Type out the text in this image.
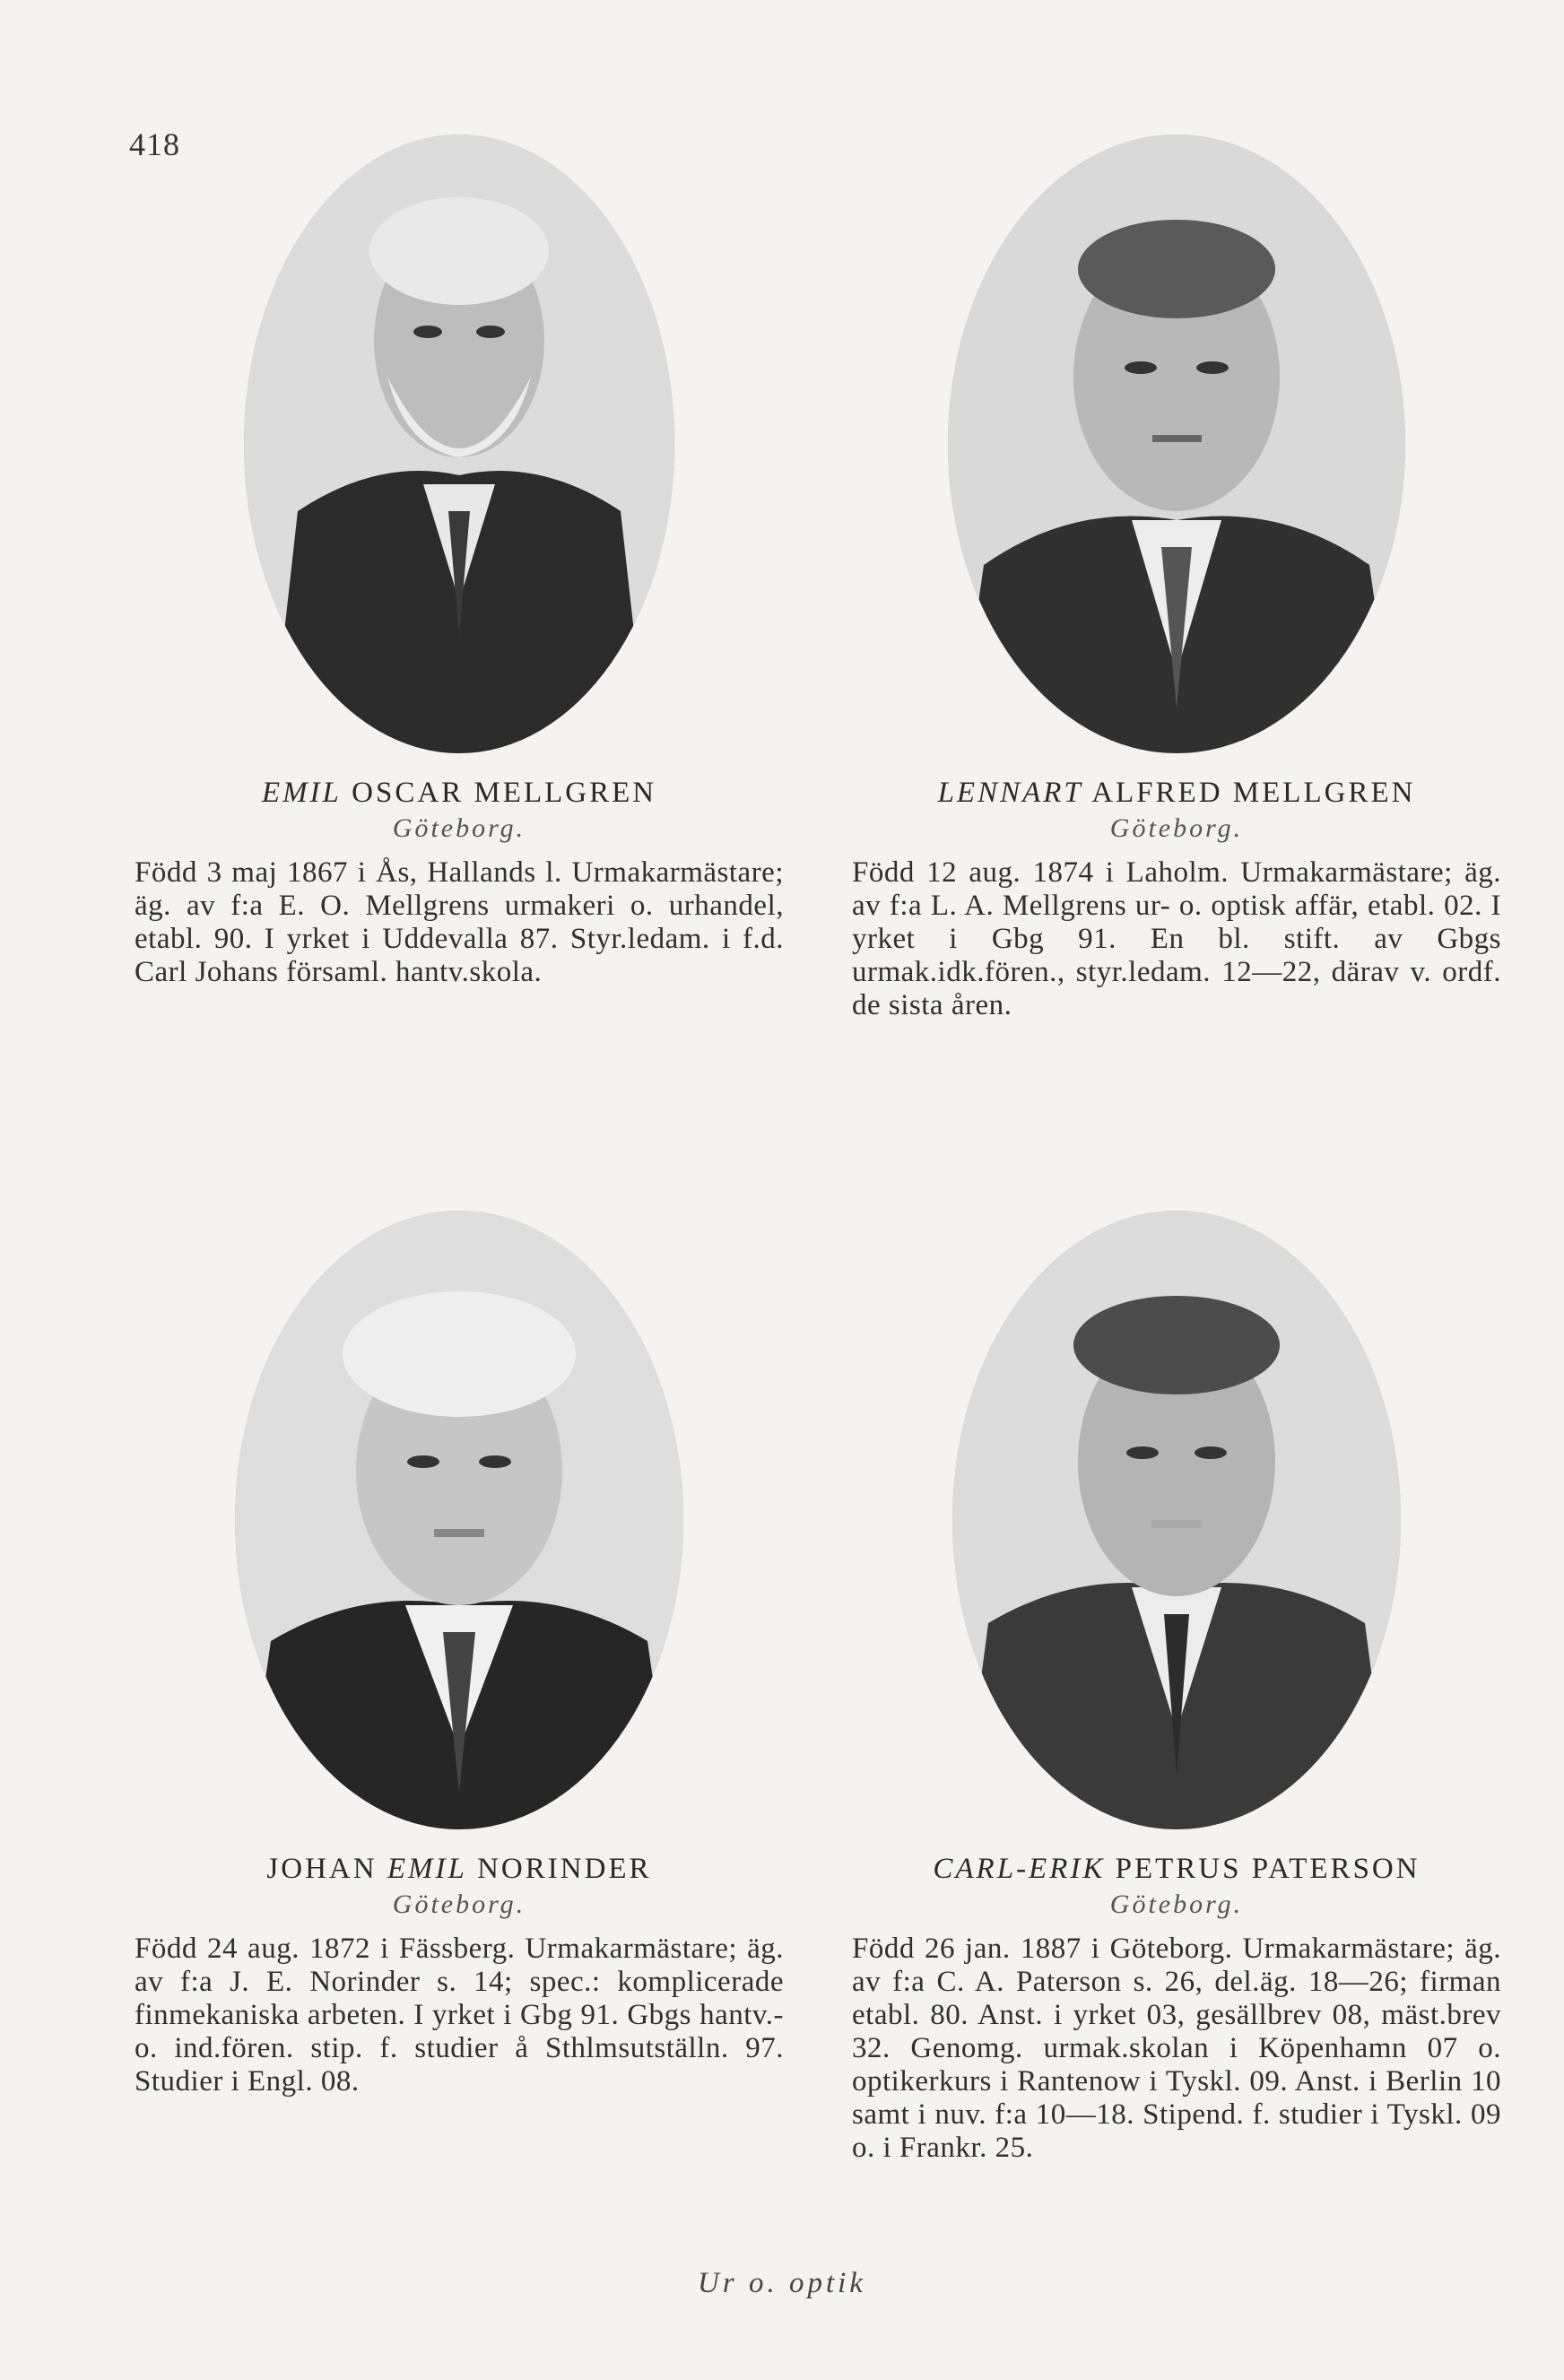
418
EMIL OSCAR MELLGREN
Göteborg.
Född 3 maj 1867 i Ås, Hallands l. Urmakarmästare; äg. av f:a E. O. Mellgrens urmakeri o. urhandel, etabl. 90. I yrket i Uddevalla 87. Styr.ledam. i f.d. Carl Johans församl. hantv.skola.
LENNART ALFRED MELLGREN
Göteborg.
Född 12 aug. 1874 i Laholm. Urmakarmästare; äg. av f:a L. A. Mellgrens ur- o. optisk affär, etabl. 02. I yrket i Gbg 91. En bl. stift. av Gbgs urmak.idk.fören., styr.ledam. 12—22, därav v. ordf. de sista åren.
JOHAN EMIL NORINDER
Göteborg.
Född 24 aug. 1872 i Fässberg. Urmakarmästare; äg. av f:a J. E. Norinder s. 14; spec.: komplicerade finmekaniska arbeten. I yrket i Gbg 91. Gbgs hantv.- o. ind.fören. stip. f. studier å Sthlmsutställn. 97. Studier i Engl. 08.
CARL-ERIK PETRUS PATERSON
Göteborg.
Född 26 jan. 1887 i Göteborg. Urmakarmästare; äg. av f:a C. A. Paterson s. 26, del.äg. 18—26; firman etabl. 80. Anst. i yrket 03, gesällbrev 08, mäst.brev 32. Genomg. urmak.skolan i Köpenhamn 07 o. optikerkurs i Rantenow i Tyskl. 09. Anst. i Berlin 10 samt i nuv. f:a 10—18. Stipend. f. studier i Tyskl. 09 o. i Frankr. 25.
Ur o. optik
